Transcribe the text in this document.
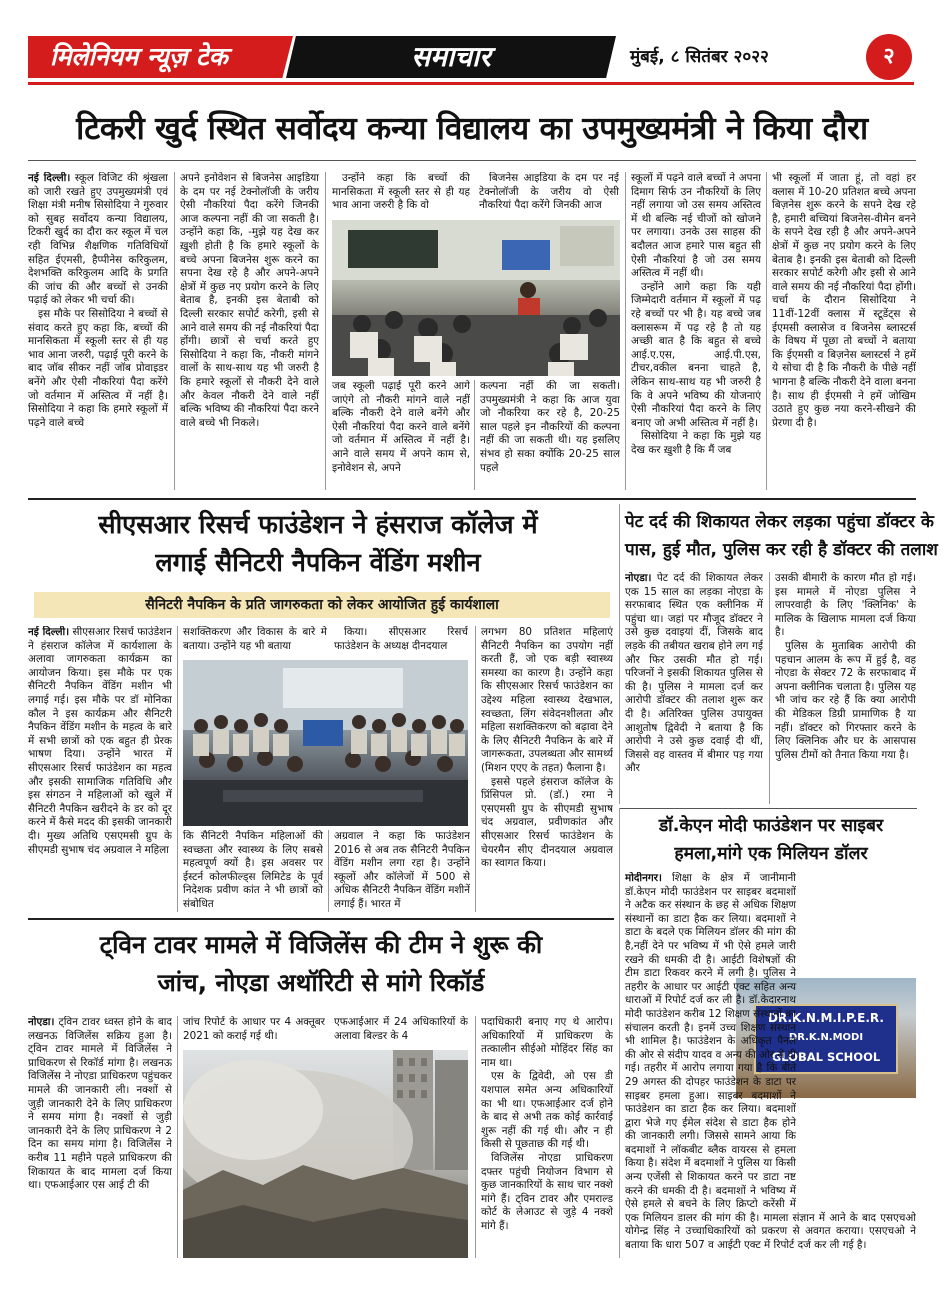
मिलेनियम न्यूज़ टेक	समाचार	मुंबई, ८ सितंबर २०२२	२
टिकरी खुर्द स्थित सर्वोदय कन्या विद्यालय का उपमुख्यमंत्री ने किया दौरा

नई दिल्ली। स्कूल विजिट की श्रृंखला को जारी रखते हुए उपमुख्यमंत्री एवं शिक्षा मंत्री मनीष सिसोदिया ने गुरुवार को सुबह सर्वोदय कन्या विद्यालय, टिकरी खुर्द का दौरा कर स्कूल में चल रही विभिन्न शैक्षणिक गतिविधियों सहित ईएमसी, हैप्पीनेस करिकुलम, देशभक्ति करिकुलम आदि के प्रगति की जांच की और बच्चों से उनकी पढ़ाई को लेकर भी चर्चा की।

इस मौके पर सिसोदिया ने बच्चों से संवाद करते हुए कहा कि, बच्चों की मानसिकता में स्कूली स्तर से ही यह भाव आना जरुरी, पढ़ाई पूरी करने के बाद जॉब सीकर नहीं जॉब प्रोवाइडर बनेंगे और ऐसी नौकरियां पैदा करेंगे जो वर्तमान में अस्तित्व में नहीं है। सिसोदिया ने कहा कि हमारे स्कूलों में पढ़ने वाले बच्चे

अपने इनोवेशन से बिजनेस आइडिया के दम पर नई टेक्नोलॉजी के जरीय ऐसी नौकरियां पैदा करेंगे जिनकी आज कल्पना नहीं की जा सकती है। उन्होंने कहा कि, -मुझे यह देख कर ख़ुशी होती है कि हमारे स्कूलों के बच्चे अपना बिजनेस शुरू करने का सपना देख रहे है और अपने-अपने क्षेत्रों में कुछ नए प्रयोग करने के लिए बेताब है, इनकी इस बेताबी को दिल्ली सरकार सपोर्ट करेगी, इसी से आने वाले समय की नई नौकरियां पैदा होंगी। छात्रों से चर्चा करते हुए सिसोदिया ने कहा कि, नौकरी मांगने वालों के साथ-साथ यह भी जरुरी है कि हमारे स्कूलों से नौकरी देने वाले और केवल नौकरी देने वाले नहीं बल्कि भविष्य की नौकरियां पैदा करने वाले बच्चे भी निकले।

उन्होंने कहा कि बच्चों की मानसिकता में स्कूली स्तर से ही यह भाव आना जरुरी है कि वो

बिजनेस आइडिया के दम पर नई टेक्नोलॉजी के जरीय वो ऐसी नौकरियां पैदा करेंगे जिनकी आज

जब स्कूली पढ़ाई पूरी करने आगे जाएंगे तो नौकरी मांगने वाले नहीं बल्कि नौकरी देने वाले बनेंगे और ऐसी नौकरियां पैदा करने वाले बनेंगे जो वर्तमान में अस्तित्व में नहीं है। आने वाले समय में अपने काम से, इनोवेशन से, अपने

कल्पना नहीं की जा सकती। उपमुख्यमंत्री ने कहा कि आज युवा जो नौकरिया कर रहे है, 20-25 साल पहले इन नौकरियों की कल्पना नहीं की जा सकती थी। यह इसलिए संभव हो सका क्योंकि 20-25 साल पहले

स्कूलों में पढ़ने वाले बच्चों ने अपना दिमाग सिर्फ उन नौकरियों के लिए नहीं लगाया जो उस समय अस्तित्व में थी बल्कि नई चीजों को खोजने पर लगाया। उनके उस साहस की बदौलत आज हमारे पास बहुत सी ऐसी नौकरियां है जो उस समय अस्तित्व में नहीं थी।

उन्होंने आगे कहा कि यही जिम्मेदारी वर्तमान में स्कूलों में पढ़ रहे बच्चों पर भी है। यह बच्चे जब क्लासरूम में पढ़ रहे है तो यह अच्छी बात है कि बहुत से बच्चे आई.ए.एस, आई.पी.एस, टीचर,वकील बनना चाहते है, लेकिन साथ-साथ यह भी जरुरी है कि वे अपने भविष्य की योजनाएं ऐसी नौकरियां पैदा करने के लिए बनाए जो अभी अस्तित्व में नहीं है।

सिसोदिया ने कहा कि मुझे यह देख कर ख़ुशी है कि मैं जब

भी स्कूलों में जाता हूं, तो वहां हर क्लास में 10-20 प्रतिशत बच्चे अपना बिज़नेस शुरू करने के सपने देख रहे है, हमारी बच्चियां बिजनेस-वीमेन बनने के सपने देख रही है और अपने-अपने क्षेत्रों में कुछ नए प्रयोग करने के लिए बेताब है। इनकी इस बेताबी को दिल्ली सरकार सपोर्ट करेगी और इसी से आने वाले समय की नई नौकरियां पैदा होंगी। चर्चा के दौरान सिसोदिया ने 11वीं-12वीं क्लास में स्टूडेंट्स से ईएमसी क्लासेज व बिजनेस ब्लास्टर्स के विषय में पूछा तो बच्चों ने बताया कि ईएमसी व बिज़नेस ब्लास्टर्स ने हमें ये सोचा दी है कि नौकरी के पीछे नहीं भागना है बल्कि नौकरी देने वाला बनना है। साथ ही ईएमसी ने हमें जोखिम उठाते हुए कुछ नया करने-सीखने की प्रेरणा दी है।

सीएसआर रिसर्च फाउंडेशन ने हंसराज कॉलेज में
लगाई सैनिटरी नैपकिन वेंडिंग मशीन
सैनिटरी नैपकिन के प्रति जागरुकता को लेकर आयोजित हुई कार्यशाला

नई दिल्ली। सीएसआर रिसर्च फाउंडेशन ने हंसराज कॉलेज में कार्यशाला के अलावा जागरुकता कार्यक्रम का आयोजन किया। इस मौके पर एक सैनिटरी नैपकिन वेंडिंग मशीन भी लगाई गई। इस मौके पर डॉ मोनिका कौल ने इस कार्यक्रम और सैनिटरी नैपकिन वेंडिंग मशीन के महत्व के बारे में सभी छात्रों को एक बहुत ही प्रेरक भाषण दिया। उन्होंने भारत में सीएसआर रिसर्च फाउंडेशन का महत्व और इसकी सामाजिक गतिविधि और इस संगठन ने महिलाओं को खुले में सैनिटरी नैपकिन खरीदने के डर को दूर करने में कैसे मदद की इसकी जानकारी दी। मुख्य अतिथि एसएमसी ग्रुप के सीएमडी सुभाष चंद अग्रवाल ने महिला

सशक्तिकरण और विकास के बारे मे बताया। उन्होंने यह भी बताया

किया। सीएसआर रिसर्च फाउंडेशन के अध्यक्ष दीनदयाल

कि सैनिटरी नैपकिन महिलाओं की स्वच्छता और स्वास्थ्य के लिए सबसे महत्वपूर्ण क्यों है। इस अवसर पर ईस्टर्न कोलफील्ड्स लिमिटेड के पूर्व निदेशक प्रवीण कांत ने भी छात्रों को संबोधित

अग्रवाल ने कहा कि फाउंडेशन 2016 से अब तक सैनिटरी नैपकिन वेंडिंग मशीन लगा रहा है। उन्होंने स्कूलों और कॉलेजों में 500 से अधिक सैनिटरी नैपकिन वेंडिंग मशीनें लगाई हैं। भारत में

लगभग 80 प्रतिशत महिलाएं सैनिटरी नैपकिन का उपयोग नहीं करती हैं, जो एक बड़ी स्वास्थ्य समस्या का कारण है। उन्होंने कहा कि सीएसआर रिसर्च फाउंडेशन का उद्देश्य महिला स्वास्थ्य देखभाल, स्वच्छता, लिंग संवेदनशीलता और महिला सशक्तिकरण को बढ़ावा देने के लिए सैनिटरी नैपकिन के बारे में जागरूकता, उपलब्धता और सामर्थ्य (मिशन एएए के तहत) फैलाना है।

इससे पहले हंसराज कॉलेज के प्रिंसिपल प्रो. (डॉ.) रमा ने एसएमसी ग्रुप के सीएमडी सुभाष चंद अग्रवाल, प्रवीणकांत और सीएसआर रिसर्च फाउंडेशन के चेयरमैन सीए दीनदयाल अग्रवाल का स्वागत किया।

पेट दर्द की शिकायत लेकर लड़का पहुंचा डॉक्टर के
पास, हुई मौत, पुलिस कर रही है डॉक्टर की तलाश

नोएडा। पेट दर्द की शिकायत लेकर एक 15 साल का लड़का नोएडा के सरफाबाद स्थित एक क्लीनिक में पहुंचा था। जहां पर मौजूद डॉक्टर ने उसे कुछ दवाइयां दीं, जिसके बाद लड़के की तबीयत खराब होने लग गई और फिर उसकी मौत हो गई। परिजनों ने इसकी शिकायत पुलिस से की है। पुलिस ने मामला दर्ज कर आरोपी डॉक्टर की तलाश शुरू कर दी है। अतिरिक्त पुलिस उपायुक्त आशुतोष द्विवेदी ने बताया है कि आरोपी ने उसे कुछ दवाई दी थीं, जिससे वह वास्तव में बीमार पड़ गया और

उसकी बीमारी के कारण मौत हो गई। इस मामले में नोएडा पुलिस ने लापरवाही के लिए 'क्लिनिक' के मालिक के खिलाफ मामला दर्ज किया है।

पुलिस के मुताबिक आरोपी की पहचान आलम के रूप में हुई है, वह नोएडा के सेक्टर 72 के सरफाबाद में अपना क्लीनिक चलाता है। पुलिस यह भी जांच कर रहे हैं कि क्या आरोपी की मेडिकल डिग्री प्रामाणिक है या नहीं। डॉक्टर को गिरफ्तार करने के लिए क्लिनिक और घर के आसपास पुलिस टीमों को तैनात किया गया है।

डॉ.केएन मोदी फाउंडेशन पर साइबर
हमला,मांगे एक मिलियन डॉलर
DR.K.N.M.I.P.E.R.
DR.K.N.MODI
GLOBAL SCHOOL

मोदीनगर। शिक्षा के क्षेत्र में जानीमानी डॉ.केएन मोदी फाउंडेशन पर साइबर बदमाशों ने अटैक कर संस्थान के छह से अधिक शिक्षण संस्थानों का डाटा हैक कर लिया। बदमाशों ने डाटा के बदले एक मिलियन डॉलर की मांग की है,नहीं देने पर भविष्य में भी ऐसे हमले जारी रखने की धमकी दी है। आईटी विशेषज्ञों की टीम डाटा रिकवर करने में लगी है। पुलिस ने तहरीर के आधार पर आईटी एक्ट सहित अन्य धाराओं में रिपोर्ट दर्ज कर ली है। डॉ.केदारनाथ मोदी फाउंडेशन करीब 12 शिक्षण संस्थानों का संचालन करती है। इनमें उच्च शिक्षण संस्थान भी शामिल है। फाउंडेशन के अधिकृत पैनल की ओर से संदीप यादव व अन्य की ओर से दी गई। तहरीर में आरोप लगाया गया है कि बीते 29 अगस्त की दोपहर फाउंडेशन के डाटा पर साइबर हमला हुआ। साइबर बदमाशों ने फाउंडेशन का डाटा हैक कर लिया। बदमाशों द्वारा भेजे गए ईमेल संदेश से डाटा हैक होने की जानकारी लगी। जिससे सामने आया कि बदमाशों ने लॉकबीट ब्लैक वायरस से हमला किया है। संदेश में बदमाशों ने पुलिस या किसी अन्य एजेंसी से शिकायत करने पर डाटा नष्ट करने की धमकी दी है। बदमाशों ने भविष्य में ऐसे हमले से बचने के लिए क्रिप्टो करेंसी में एक मिलियन डालर की मांग की है। मामला संज्ञान में आने के बाद एसएचओ योगेन्द्र सिंह ने उच्चाधिकारियों को प्रकरण से अवगत कराया। एसएचओ ने बताया कि धारा 507 व आईटी एक्ट में रिपोर्ट दर्ज कर ली गई है।

ट्विन टावर मामले में विजिलेंस की टीम ने शुरू की
जांच, नोएडा अथॉरिटी से मांगे रिकॉर्ड

नोएडा। ट्विन टावर ध्वस्त होने के बाद लखनऊ विजिलेंस सक्रिय हुआ है। ट्विन टावर मामले में विजिलेंस ने प्राधिकरण से रिकॉर्ड मांगा है। लखनऊ विजिलेंस ने नोएडा प्राधिकरण पहुंचकर मामले की जानकारी ली। नक्शों से जुड़ी जानकारी देने के लिए प्राधिकरण ने समय मांगा है। नक्शों से जुड़ी जानकारी देने के लिए प्राधिकरण ने 2 दिन का समय मांगा है। विजिलेंस ने करीब 11 महीने पहले प्राधिकरण की शिकायत के बाद मामला दर्ज किया था। एफआईआर एस आई टी की

जांच रिपोर्ट के आधार पर 4 अक्तूबर 2021 को कराई गई थी।

एफआईआर में 24 अधिकारियों के अलावा बिल्डर के 4

पदाधिकारी बनाए गए थे आरोप। अधिकारियों में प्राधिकरण के तत्कालीन सीईओ मोहिंदर सिंह का नाम था।

एस के द्विवेदी, ओ एस डी यशपाल समेत अन्य अधिकारियों का भी था। एफआईआर दर्ज होने के बाद से अभी तक कोई कार्रवाई शुरू नहीं की गई थी। और न ही किसी से पूछताछ की गई थी।

विजिलेंस नोएडा प्राधिकरण दफ्तर पहुंची नियोजन विभाग से कुछ जानकारियों के साथ चार नक्शे मांगे हैं। ट्विन टावर और एमराल्ड कोर्ट के लेआउट से जुड़े 4 नक्शे मांगे हैं।
